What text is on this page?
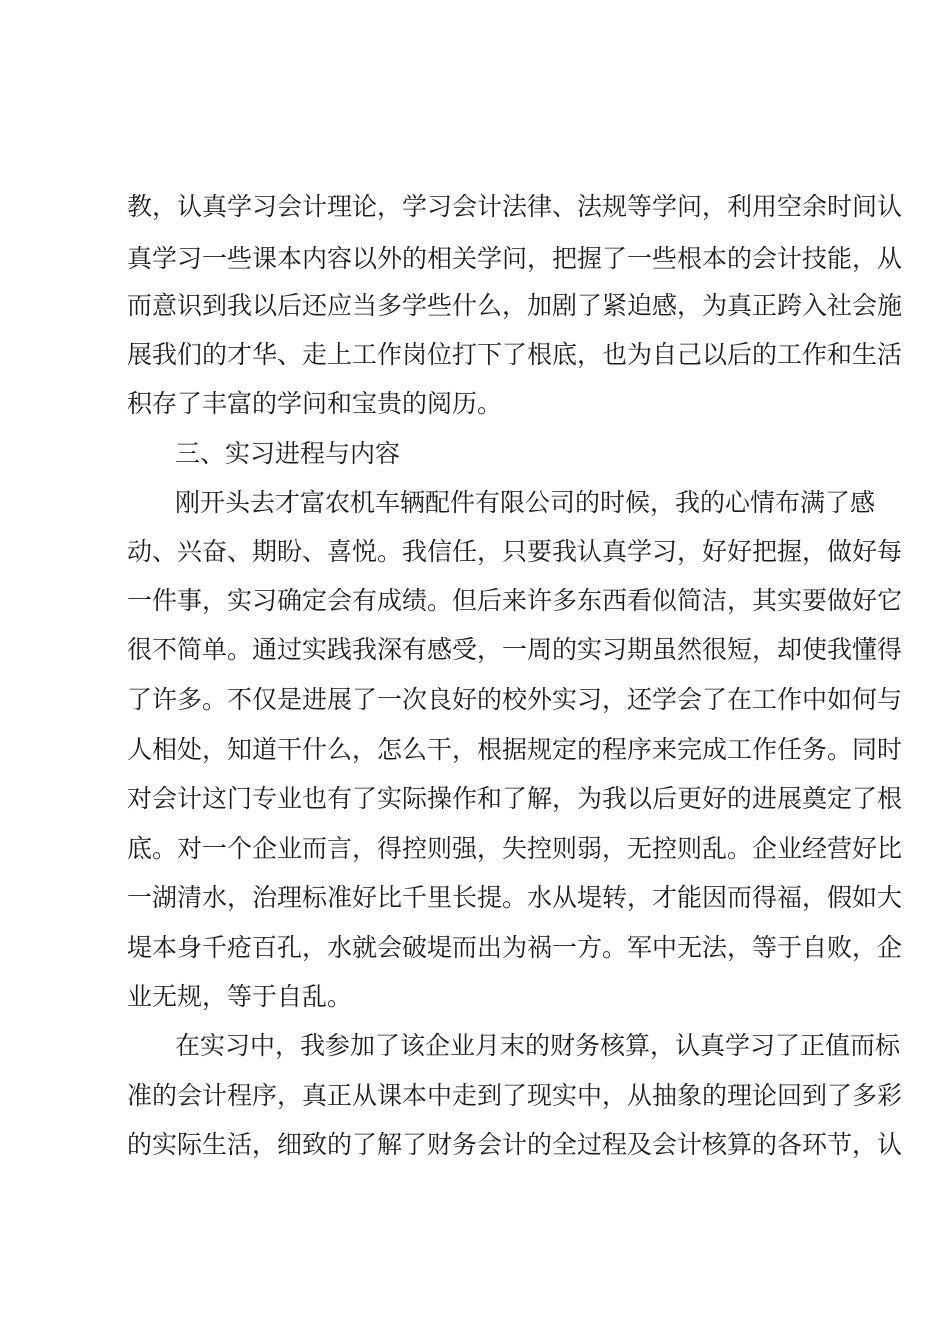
教，认真学习会计理论，学习会计法律、法规等学问，利用空余时间认
真学习一些课本内容以外的相关学问，把握了一些根本的会计技能，从
而意识到我以后还应当多学些什么，加剧了紧迫感，为真正跨入社会施
展我们的才华、走上工作岗位打下了根底，也为自己以后的工作和生活
积存了丰富的学问和宝贵的阅历。
三、实习进程与内容
刚开头去才富农机车辆配件有限公司的时候，我的心情布满了感
动、兴奋、期盼、喜悦。我信任，只要我认真学习，好好把握，做好每
一件事，实习确定会有成绩。但后来许多东西看似简洁，其实要做好它
很不简单。通过实践我深有感受，一周的实习期虽然很短，却使我懂得
了许多。不仅是进展了一次良好的校外实习，还学会了在工作中如何与
人相处，知道干什么，怎么干，根据规定的程序来完成工作任务。同时
对会计这门专业也有了实际操作和了解，为我以后更好的进展奠定了根
底。对一个企业而言，得控则强，失控则弱，无控则乱。企业经营好比
一湖清水，治理标准好比千里长提。水从堤转，才能因而得福，假如大
堤本身千疮百孔，水就会破堤而出为祸一方。军中无法，等于自败，企
业无规，等于自乱。
在实习中，我参加了该企业月末的财务核算，认真学习了正值而标
准的会计程序，真正从课本中走到了现实中，从抽象的理论回到了多彩
的实际生活，细致的了解了财务会计的全过程及会计核算的各环节，认
